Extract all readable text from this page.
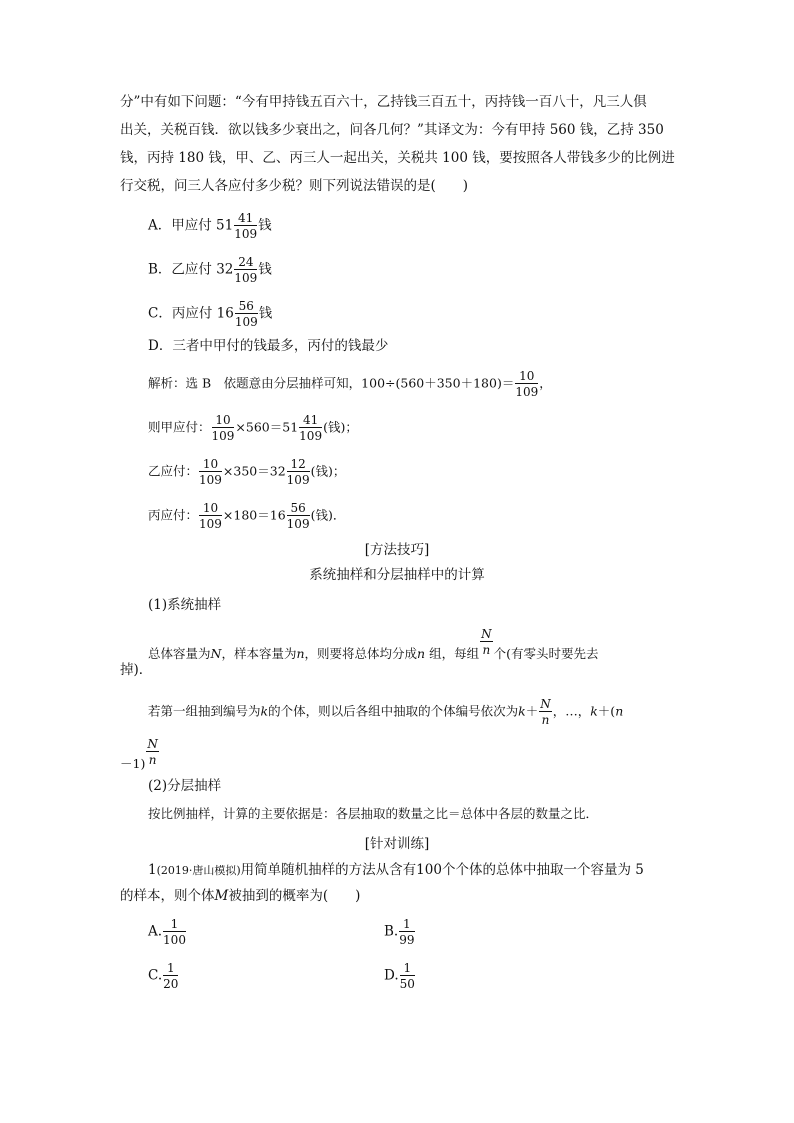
分”中有如下问题：“今有甲持钱五百六十，乙持钱三百五十，丙持钱一百八十，凡三人俱
出关，关税百钱．欲以钱多少衰出之，问各几何？”其译文为：今有甲持 560 钱，乙持 350
钱，丙持 180 钱，甲、乙、丙三人一起出关，关税共 100 钱，要按照各人带钱多少的比例进
行交税，问三人各应付多少税？则下列说法错误的是(　　)
A．甲应付 $51 \frac{41}{109}$ 钱
B．乙应付 $32 \frac{24}{109}$ 钱
C．丙应付 $16 \frac{56}{109}$ 钱
D．三者中甲付的钱最多，丙付的钱最少
解析：选 B　依题意由分层抽样可知，$100\div(560+350+180)= \frac{10}{109}$ ，
则甲应付： $\frac{10}{109} \times 560=51 \frac{41}{109}$ (钱)；
乙应付： $\frac{10}{109} \times 350=32 \frac{12}{109}$ (钱)；
丙应付： $\frac{10}{109} \times 180=16 \frac{56}{109}$ (钱)．
[方法技巧]
系统抽样和分层抽样中的计算
(1)系统抽样
总体容量为N，样本容量为n，则要将总体均分成n 组，每组 $\frac{N}{n}$ 个(有零头时要先去
掉)．
若第一组抽到编号为k的个体，则以后各组中抽取的个体编号依次为$k+ \frac{N}{n}$ ，…，k＋(n
$-1) \frac{N}{n}$
(2)分层抽样
按比例抽样，计算的主要依据是：各层抽取的数量之比＝总体中各层的数量之比．
[针对训练]
1(2019·唐山模拟)用简单随机抽样的方法从含有100个个体的总体中抽取一个容量为 5
的样本，则个体M被抽到的概率为(　　)
A. $\frac{1}{100}$	B. $\frac{1}{99}$
C. $\frac{1}{20}$	D. $\frac{1}{50}$
